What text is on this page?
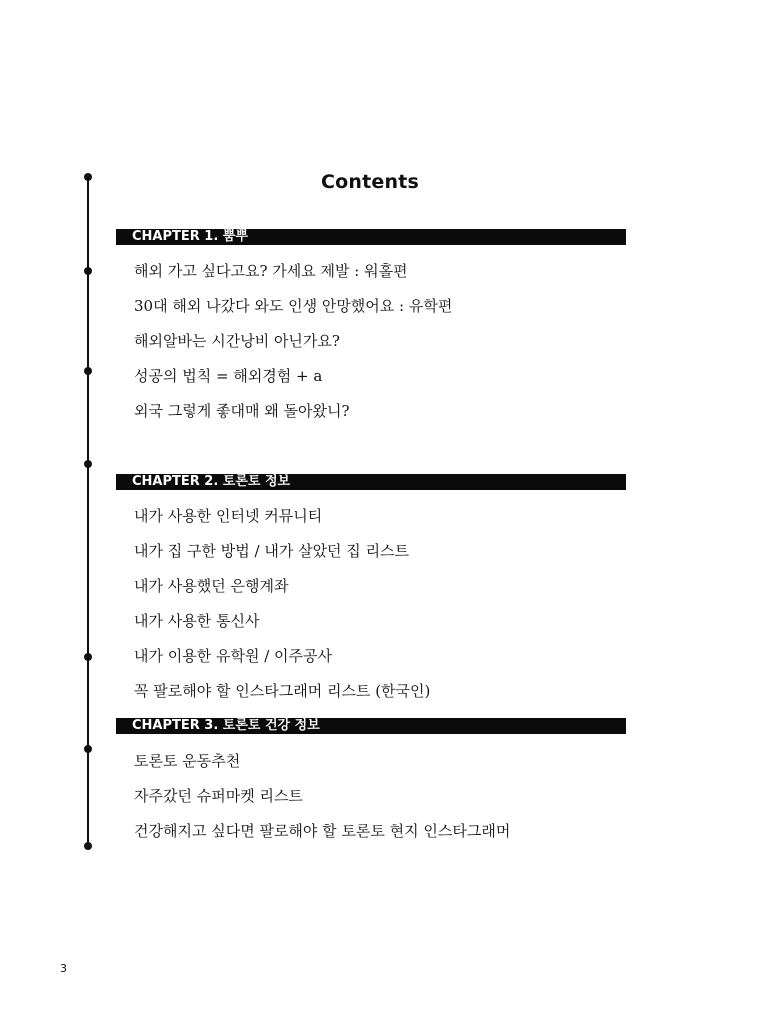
Contents
CHAPTER 1. 뿜뿌
해외 가고 싶다고요? 가세요 제발 : 워홀편
30대 해외 나갔다 와도 인생 안망했어요 : 유학편
해외알바는 시간낭비 아닌가요?
성공의 법칙 = 해외경험 + a
외국 그렇게 좋대매 왜 돌아왔니?
CHAPTER 2. 토론토 정보
내가 사용한 인터넷 커뮤니티
내가 집 구한 방법 / 내가 살았던 집 리스트
내가 사용했던 은행계좌
내가 사용한 통신사
내가 이용한 유학원 / 이주공사
꼭 팔로해야 할 인스타그래머 리스트 (한국인)
CHAPTER 3. 토론토 건강 정보
토론토 운동추천
자주갔던 슈퍼마켓 리스트
건강해지고 싶다면 팔로해야 할 토론토 현지 인스타그래머
3
